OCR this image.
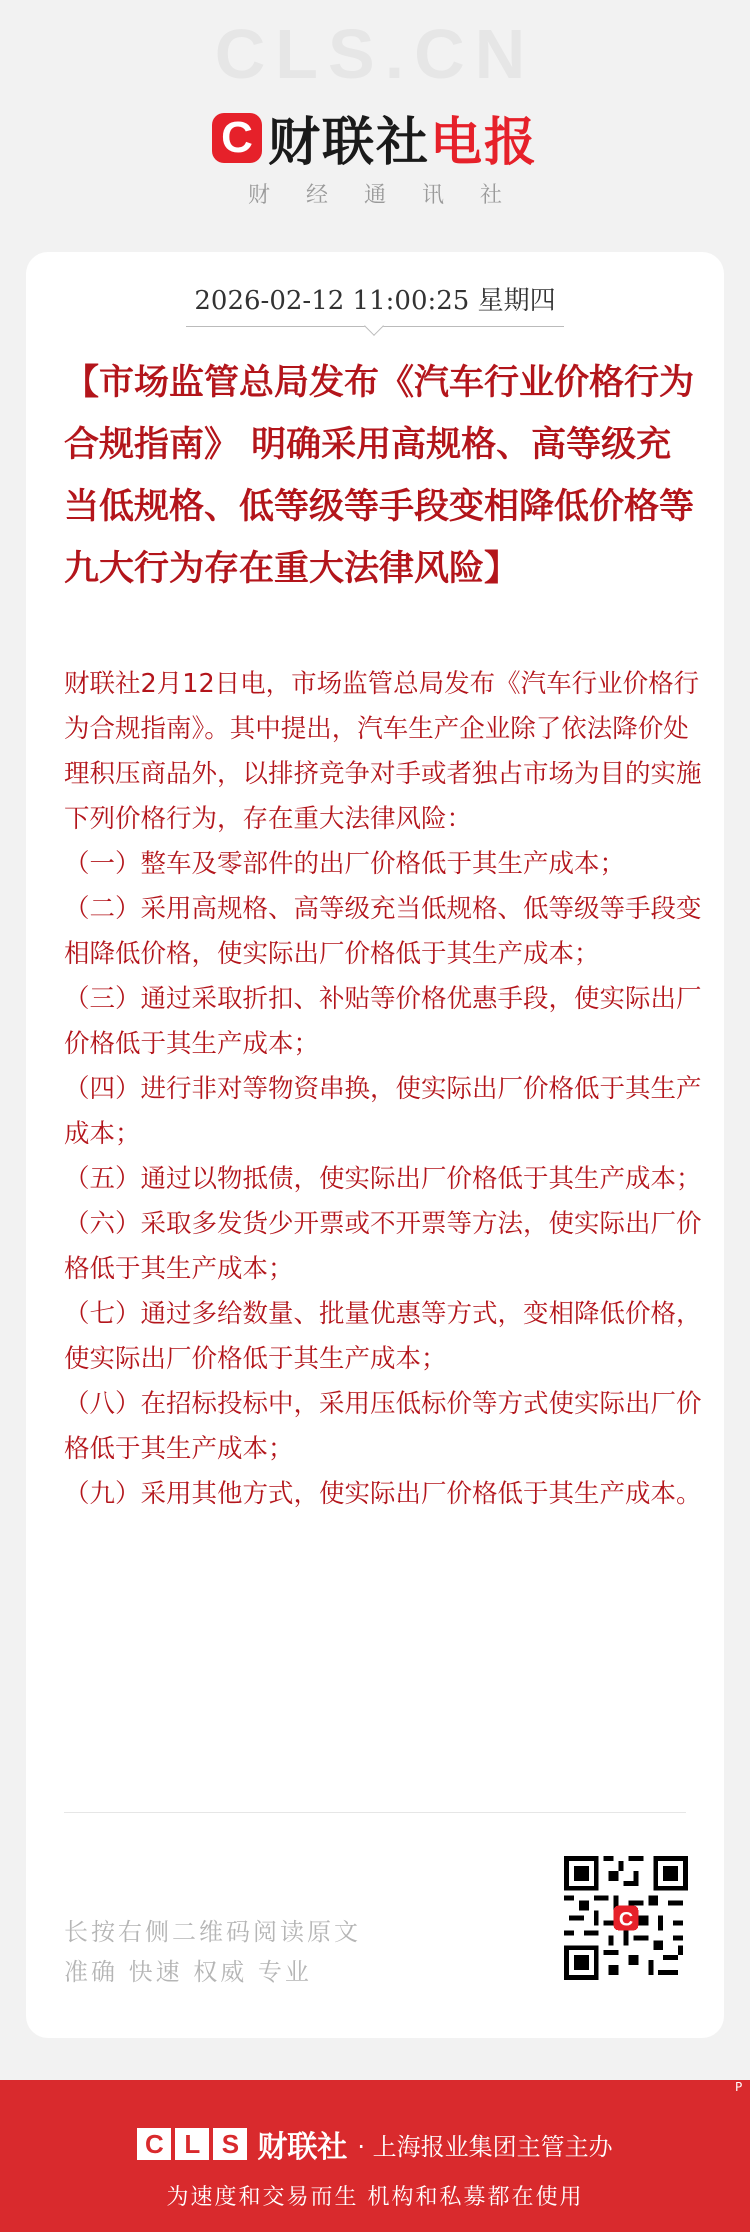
CLS.CN
C 财联社 电报
财经通讯社
2026-02-12 11:00:25 星期四
【市场监管总局发布《汽车行业价格行为合规指南》 明确采用高规格、高等级充当低规格、低等级等手段变相降低价格等九大行为存在重大法律风险】

财联社2月12日电，市场监管总局发布《汽车行业价格行为合规指南》。其中提出，汽车生产企业除了依法降价处理积压商品外，以排挤竞争对手或者独占市场为目的实施下列价格行为，存在重大法律风险：

（一）整车及零部件的出厂价格低于其生产成本；

（二）采用高规格、高等级充当低规格、低等级等手段变相降低价格，使实际出厂价格低于其生产成本；

（三）通过采取折扣、补贴等价格优惠手段，使实际出厂价格低于其生产成本；

（四）进行非对等物资串换，使实际出厂价格低于其生产成本；

（五）通过以物抵债，使实际出厂价格低于其生产成本；

（六）采取多发货少开票或不开票等方法，使实际出厂价格低于其生产成本；

（七）通过多给数量、批量优惠等方式，变相降低价格，使实际出厂价格低于其生产成本；

（八）在招标投标中，采用压低标价等方式使实际出厂价格低于其生产成本；

（九）采用其他方式，使实际出厂价格低于其生产成本。

长按右侧二维码阅读原文
准确 快速 权威 专业
C
C L S 财联社 · 上海报业集团主管主办
为速度和交易而生 机构和私募都在使用
P
